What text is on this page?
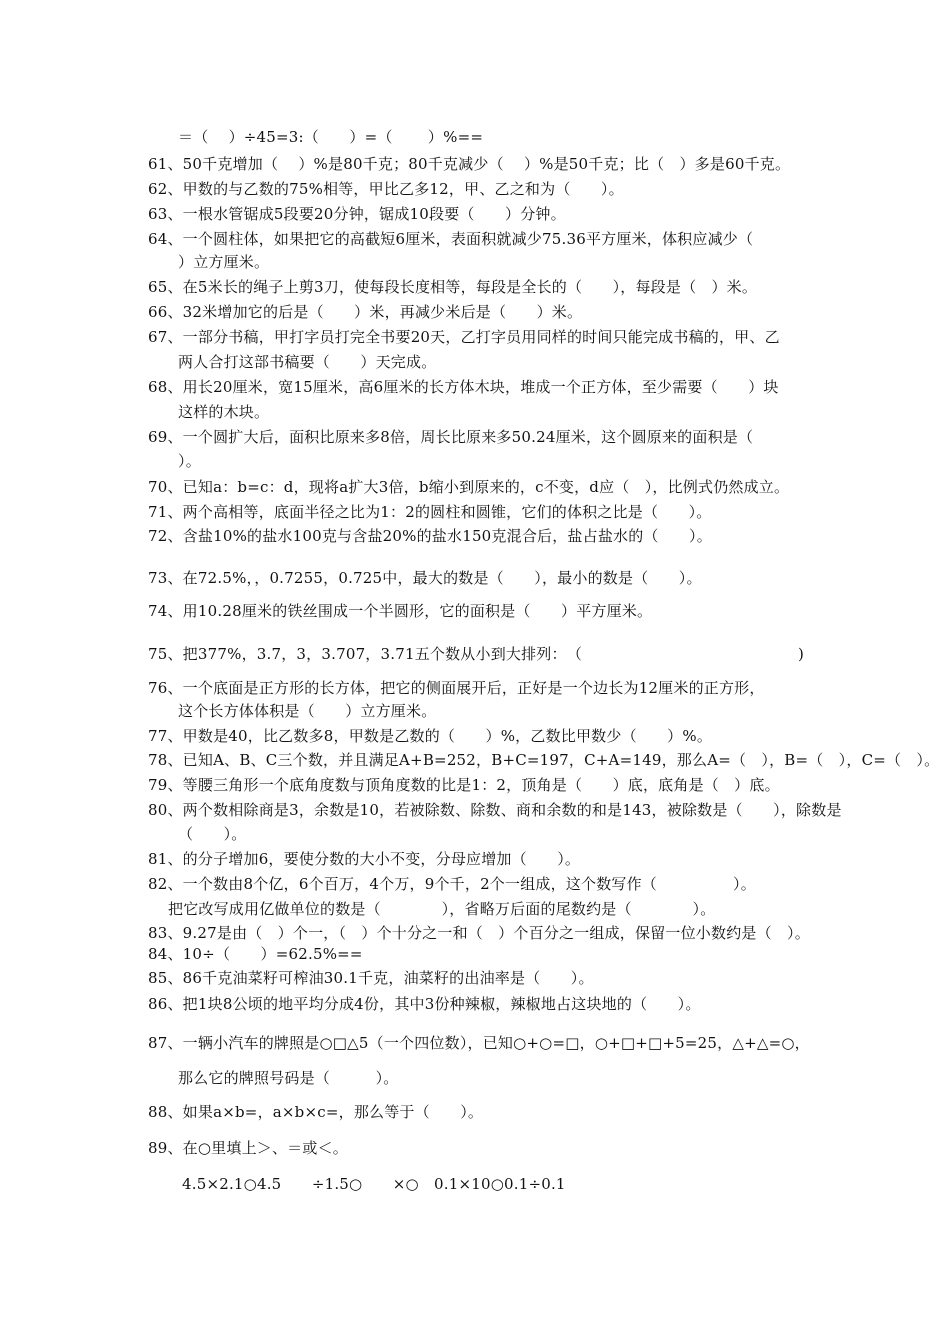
＝（　 ）÷45=3:（　　）=（　　 ）%==
61、50千克增加（　 ）%是80千克；80千克减少（　 ）%是50千克；比（　）多是60千克。
62、甲数的与乙数的75%相等，甲比乙多12，甲、乙之和为（　　）。
63、一根水管锯成5段要20分钟，锯成10段要（　　）分钟。
64、一个圆柱体，如果把它的高截短6厘米，表面积就减少75.36平方厘米，体积应减少（
）立方厘米。
65、在5米长的绳子上剪3刀，使每段长度相等，每段是全长的（　　），每段是（　）米。
66、32米增加它的后是（　　）米，再减少米后是（　　）米。
67、一部分书稿，甲打字员打完全书要20天，乙打字员用同样的时间只能完成书稿的，甲、乙
两人合打这部书稿要（　　）天完成。
68、用长20厘米，宽15厘米，高6厘米的长方体木块，堆成一个正方体，至少需要（　　）块
这样的木块。
69、一个圆扩大后，面积比原来多8倍，周长比原来多50.24厘米，这个圆原来的面积是（
）。
70、已知a：b=c：d，现将a扩大3倍，b缩小到原来的，c不变，d应（　），比例式仍然成立。
71、两个高相等，底面半径之比为1：2的圆柱和圆锥，它们的体积之比是（　　）。
72、含盐10%的盐水100克与含盐20%的盐水150克混合后，盐占盐水的（　　）。
73、在72.5%，，0.7255，0.725中，最大的数是（　　），最小的数是（　　）。
74、用10.28厘米的铁丝围成一个半圆形，它的面积是（　　）平方厘米。
75、把377%，3.7，3，3.707，3.71五个数从小到大排列：　（	)
76、一个底面是正方形的长方体，把它的侧面展开后，正好是一个边长为12厘米的正方形，
这个长方体体积是（　　）立方厘米。
77、甲数是40，比乙数多8，甲数是乙数的（　　）%，乙数比甲数少（　　）%。
78、已知A、B、C三个数，并且满足A+B=252，B+C=197，C+A=149，那么A=（　），B=（　），C=（　）。
79、等腰三角形一个底角度数与顶角度数的比是1：2，顶角是（　　）底，底角是（　）底。
80、两个数相除商是3，余数是10，若被除数、除数、商和余数的和是143，被除数是（　　），除数是
（　　）。
81、的分子增加6，要使分数的大小不变，分母应增加（　　）。
82、一个数由8个亿，6个百万，4个万，9个千，2个一组成，这个数写作（　　　　　）。
把它改写成用亿做单位的数是（　　　　），省略万后面的尾数约是（　　　　）。
83、9.27是由（　）个一，（　）个十分之一和（　）个百分之一组成，保留一位小数约是（　）。
84、10÷（　　）=62.5%==
85、86千克油菜籽可榨油30.1千克，油菜籽的出油率是（　　）。
86、把1块8公顷的地平均分成4份，其中3份种辣椒，辣椒地占这块地的（　　）。
87、一辆小汽车的牌照是○□△5（一个四位数），已知○+○=□，○+□+□+5=25，△+△=○，
那么它的牌照号码是（　　　）。
88、如果a×b=，a×b×c=，那么等于（　　）。
89、在○里填上＞、＝或＜。
4.5×2.1○4.5　　÷1.5○　　×○　0.1×10○0.1÷0.1
